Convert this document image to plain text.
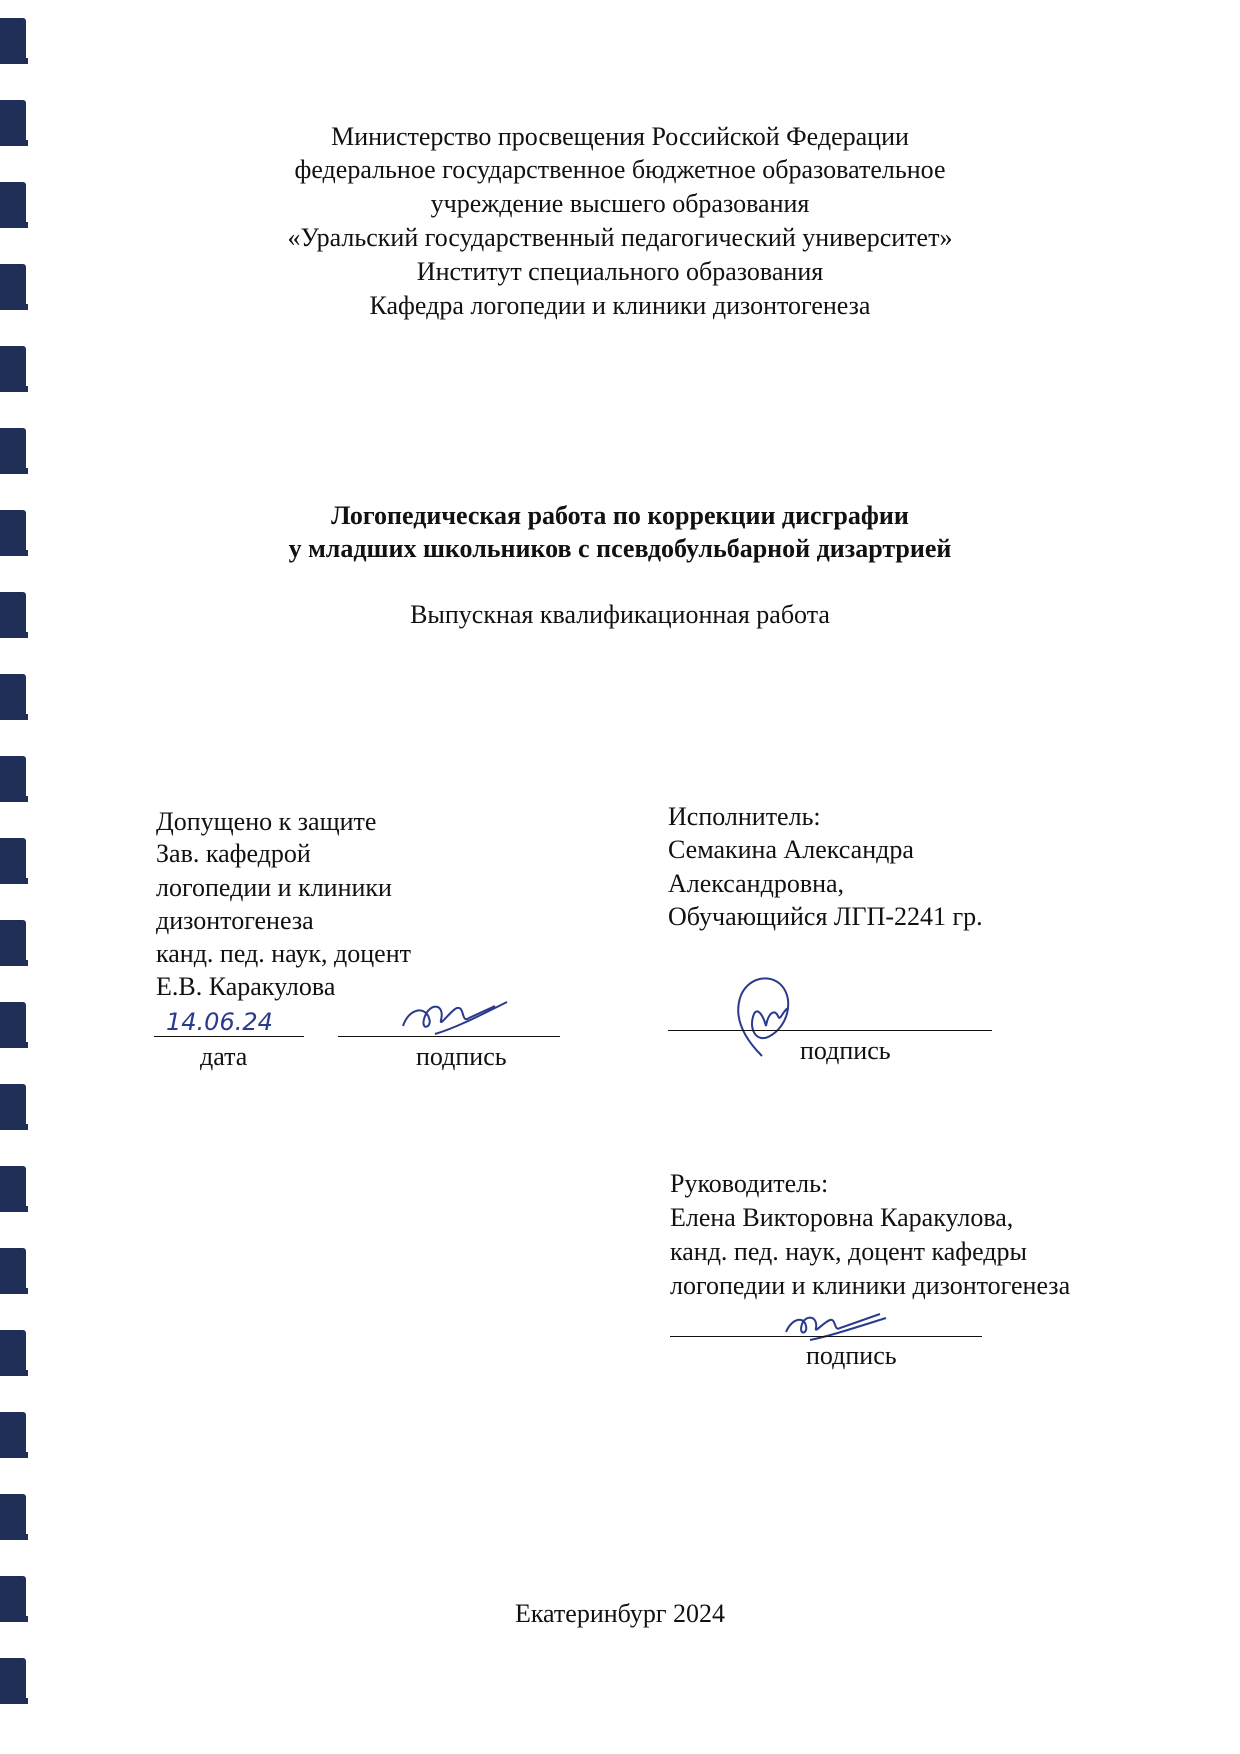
Министерство просвещения Российской Федерации
федеральное государственное бюджетное образовательное
учреждение высшего образования
«Уральский государственный педагогический университет»
Институт специального образования
Кафедра логопедии и клиники дизонтогенеза
Логопедическая работа по коррекции дисграфии
у младших школьников с псевдобульбарной дизартрией
Выпускная квалификационная работа
Допущено к защите
Зав. кафедрой
логопедии и клиники
дизонтогенеза
канд. пед. наук, доцент
Е.В. Каракулова
14.06.24
дата	подпись
Исполнитель:
Семакина Александра
Александровна,
Обучающийся ЛГП-2241 гр.
подпись
Руководитель:
Елена Викторовна Каракулова,
канд. пед. наук, доцент кафедры
логопедии и клиники дизонтогенеза
подпись
Екатеринбург 2024
